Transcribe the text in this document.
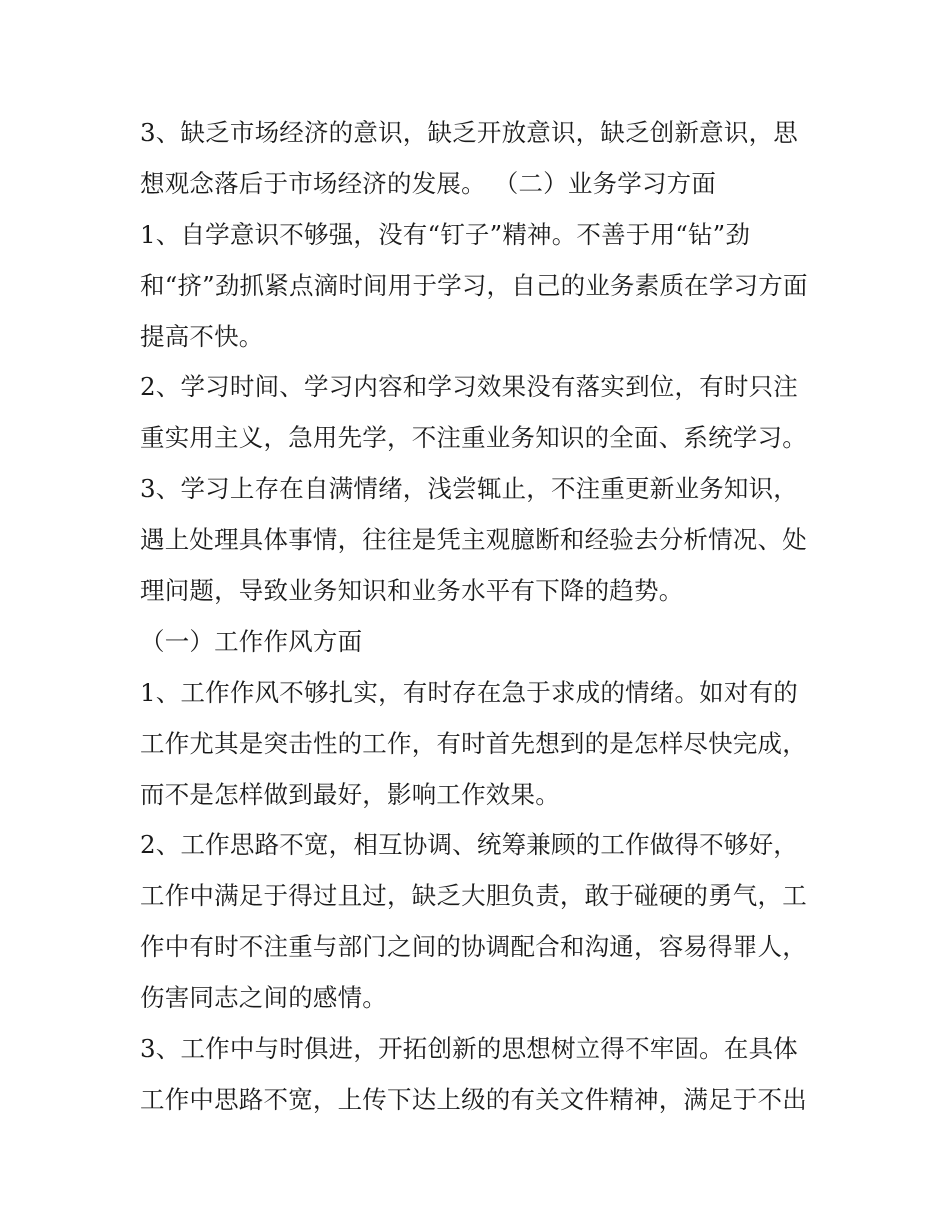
3、缺乏市场经济的意识，缺乏开放意识，缺乏创新意识，思
想观念落后于市场经济的发展。 （二）业务学习方面
1、自学意识不够强，没有“钉子”精神。不善于用“钻”劲
和“挤”劲抓紧点滴时间用于学习，自己的业务素质在学习方面
提高不快。
2、学习时间、学习内容和学习效果没有落实到位，有时只注
重实用主义，急用先学，不注重业务知识的全面、系统学习。
3、学习上存在自满情绪，浅尝辄止，不注重更新业务知识，
遇上处理具体事情，往往是凭主观臆断和经验去分析情况、处
理问题，导致业务知识和业务水平有下降的趋势。
（一）工作作风方面
1、工作作风不够扎实，有时存在急于求成的情绪。如对有的
工作尤其是突击性的工作，有时首先想到的是怎样尽快完成，
而不是怎样做到最好，影响工作效果。
2、工作思路不宽，相互协调、统筹兼顾的工作做得不够好，
工作中满足于得过且过，缺乏大胆负责，敢于碰硬的勇气，工
作中有时不注重与部门之间的协调配合和沟通，容易得罪人，
伤害同志之间的感情。
3、工作中与时俱进，开拓创新的思想树立得不牢固。在具体
工作中思路不宽，上传下达上级的有关文件精神，满足于不出
